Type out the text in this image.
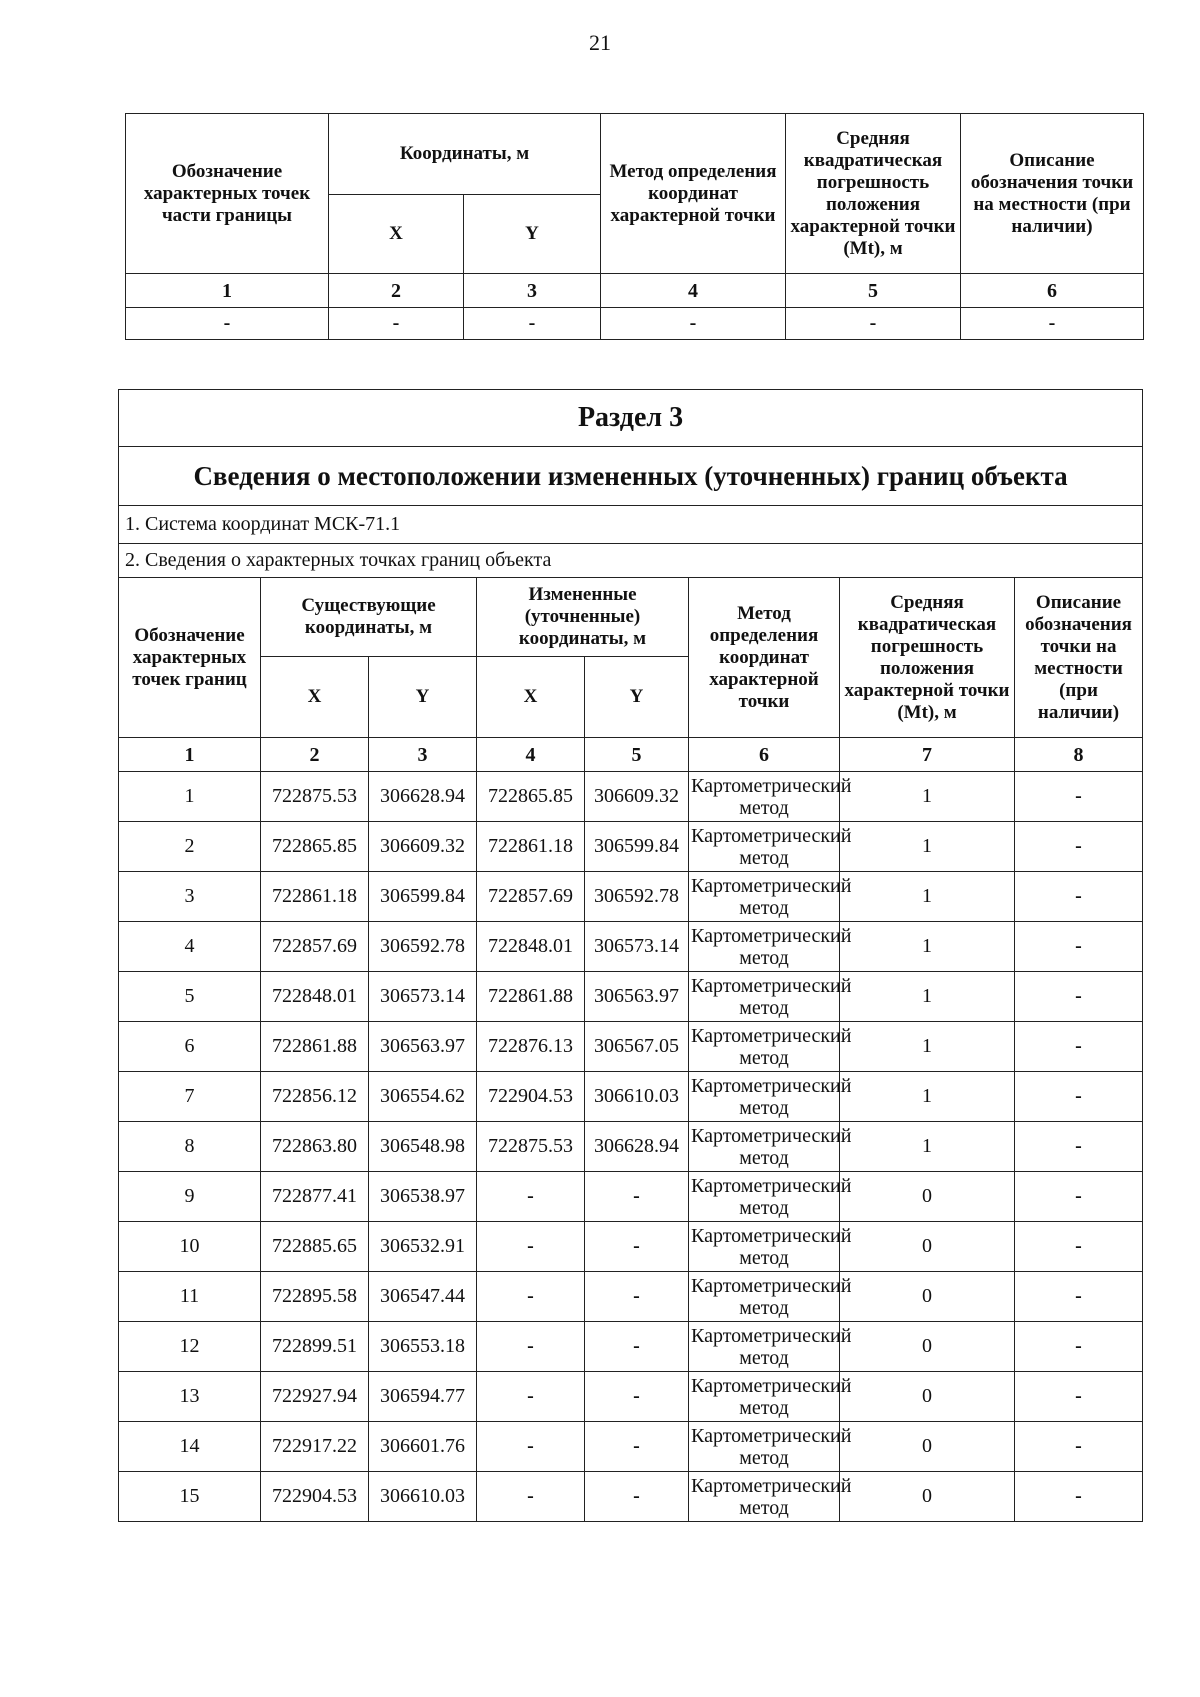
21
Обозначение характерных точек части границы	Координаты, м		Метод определения координат характерной точки	Средняя квадратическая погрешность положения характерной точки (Mt), м	Описание обозначения точки на местности (при наличии)
	X	Y			
1	2	3	4	5	6
-	-	-	-	-	-
Раздел 3							
Сведения о местоположении измененных (уточненных) границ объекта							
1. Система координат МСК-71.1							
2. Сведения о характерных точках границ объекта							
Обозначение характерных точек границ	Существующие координаты, м		Измененные (уточненные) координаты, м		Метод определения координат характерной точки	Средняя квадратическая погрешность положения характерной точки (Mt), м	Описание обозначения точки на местности (при наличии)
	X	Y	X	Y			
1	2	3	4	5	6	7	8
1	722875.53	306628.94	722865.85	306609.32	Картометрический метод	1	-
2	722865.85	306609.32	722861.18	306599.84	Картометрический метод	1	-
3	722861.18	306599.84	722857.69	306592.78	Картометрический метод	1	-
4	722857.69	306592.78	722848.01	306573.14	Картометрический метод	1	-
5	722848.01	306573.14	722861.88	306563.97	Картометрический метод	1	-
6	722861.88	306563.97	722876.13	306567.05	Картометрический метод	1	-
7	722856.12	306554.62	722904.53	306610.03	Картометрический метод	1	-
8	722863.80	306548.98	722875.53	306628.94	Картометрический метод	1	-
9	722877.41	306538.97	-	-	Картометрический метод	0	-
10	722885.65	306532.91	-	-	Картометрический метод	0	-
11	722895.58	306547.44	-	-	Картометрический метод	0	-
12	722899.51	306553.18	-	-	Картометрический метод	0	-
13	722927.94	306594.77	-	-	Картометрический метод	0	-
14	722917.22	306601.76	-	-	Картометрический метод	0	-
15	722904.53	306610.03	-	-	Картометрический метод	0	-
